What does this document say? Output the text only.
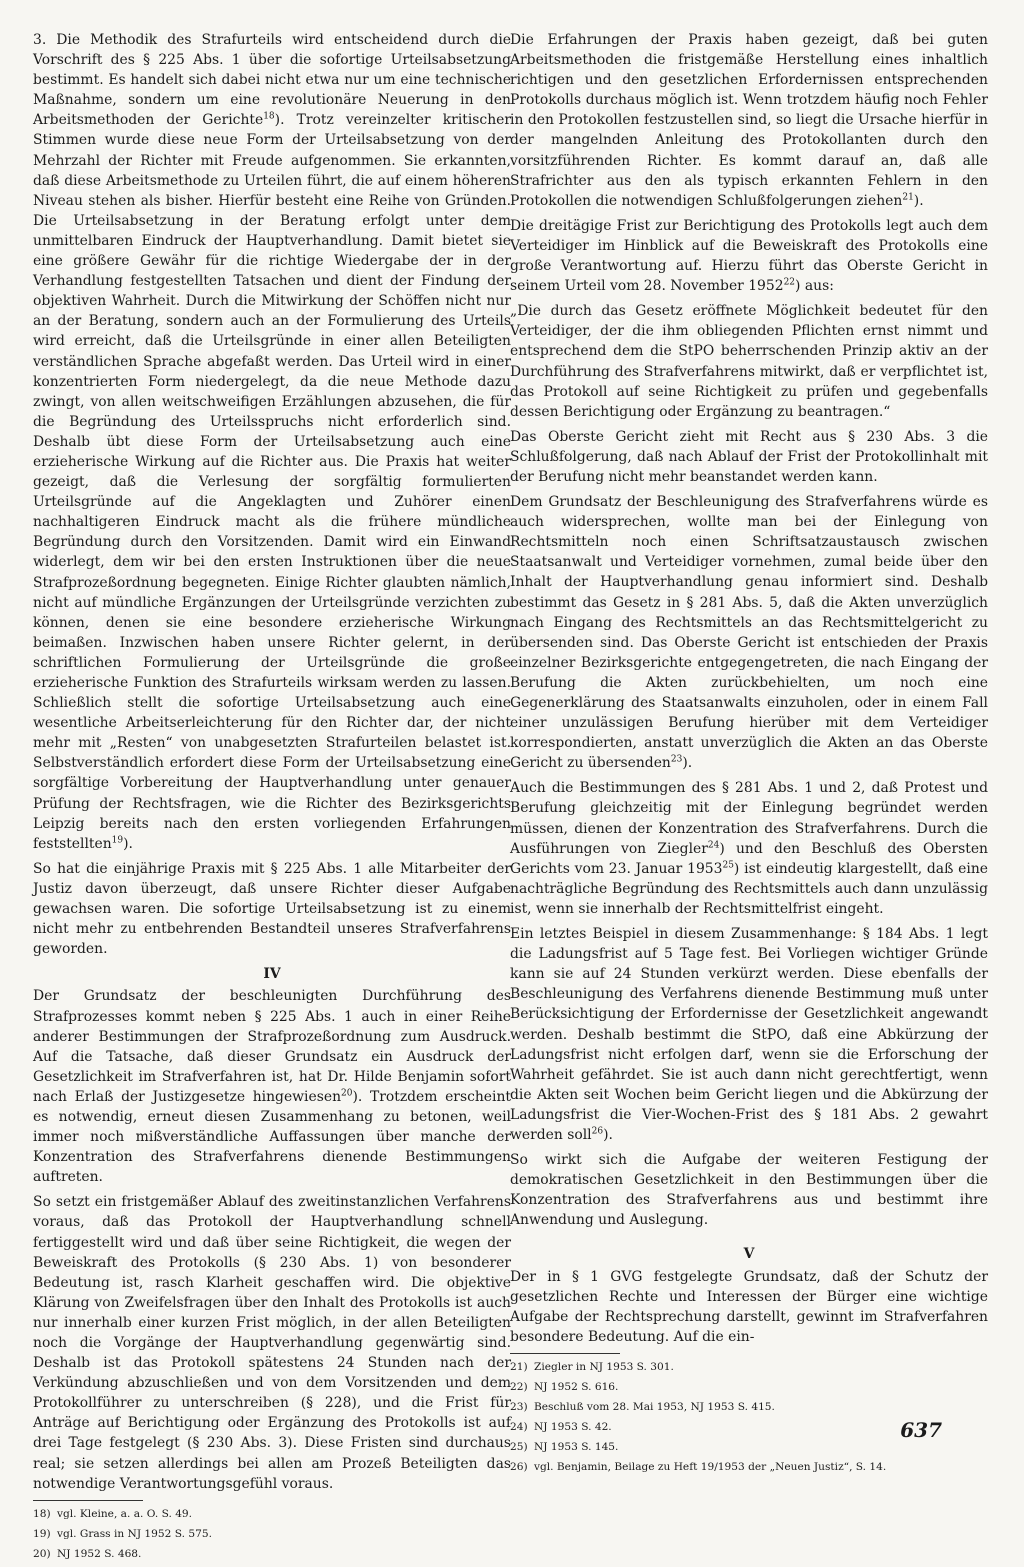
3. Die Methodik des Strafurteils wird entscheidend durch die Vorschrift des § 225 Abs. 1 über die sofortige Urteilsabsetzung bestimmt. Es handelt sich dabei nicht etwa nur um eine technische Maßnahme, sondern um eine revolutionäre Neuerung in den Arbeitsmethoden der Gerichte$^{18}$). Trotz vereinzelter kritischer Stimmen wurde diese neue Form der Urteilsabsetzung von der Mehrzahl der Richter mit Freude aufgenommen. Sie erkannten, daß diese Arbeitsmethode zu Urteilen führt, die auf einem höheren Niveau stehen als bisher. Hierfür besteht eine Reihe von Gründen. Die Urteilsabsetzung in der Beratung erfolgt unter dem unmittelbaren Eindruck der Hauptverhandlung. Damit bietet sie eine größere Gewähr für die richtige Wiedergabe der in der Verhandlung festgestellten Tatsachen und dient der Findung der objektiven Wahrheit. Durch die Mitwirkung der Schöffen nicht nur an der Beratung, sondern auch an der Formulierung des Urteils wird erreicht, daß die Urteilsgründe in einer allen Beteiligten verständlichen Sprache abgefaßt werden. Das Urteil wird in einer konzentrierten Form niedergelegt, da die neue Methode dazu zwingt, von allen weitschweifigen Erzählungen abzusehen, die für die Begründung des Urteilsspruchs nicht erforderlich sind. Deshalb übt diese Form der Urteilsabsetzung auch eine erzieherische Wirkung auf die Richter aus. Die Praxis hat weiter gezeigt, daß die Verlesung der sorgfältig formulierten Urteilsgründe auf die Angeklagten und Zuhörer einen nachhaltigeren Eindruck macht als die frühere mündliche Begründung durch den Vorsitzenden. Damit wird ein Einwand widerlegt, dem wir bei den ersten Instruktionen über die neue Strafprozeßordnung begegneten. Einige Richter glaubten nämlich, nicht auf mündliche Ergänzungen der Urteilsgründe verzichten zu können, denen sie eine besondere erzieherische Wirkung beimaßen. Inzwischen haben unsere Richter gelernt, in der schriftlichen Formulierung der Urteilsgründe die große erzieherische Funktion des Strafurteils wirksam werden zu lassen. Schließlich stellt die sofortige Urteilsabsetzung auch eine wesentliche Arbeitserleichterung für den Richter dar, der nicht mehr mit „Resten“ von unabgesetzten Strafurteilen belastet ist. Selbstverständlich erfordert diese Form der Urteilsabsetzung eine sorgfältige Vorbereitung der Hauptverhandlung unter genauer Prüfung der Rechtsfragen, wie die Richter des Bezirksgerichts Leipzig bereits nach den ersten vorliegenden Erfahrungen feststellten$^{19}$).

So hat die einjährige Praxis mit § 225 Abs. 1 alle Mitarbeiter der Justiz davon überzeugt, daß unsere Richter dieser Aufgabe gewachsen waren. Die sofortige Urteilsabsetzung ist zu einem nicht mehr zu entbehrenden Bestandteil unseres Strafverfahrens geworden.

IV

Der Grundsatz der beschleunigten Durchführung des Strafprozesses kommt neben § 225 Abs. 1 auch in einer Reihe anderer Bestimmungen der Strafprozeßordnung zum Ausdruck. Auf die Tatsache, daß dieser Grundsatz ein Ausdruck der Gesetzlichkeit im Strafverfahren ist, hat Dr. Hilde Benjamin sofort nach Erlaß der Justizgesetze hingewiesen$^{20}$). Trotzdem erscheint es notwendig, erneut diesen Zusammenhang zu betonen, weil immer noch mißverständliche Auffassungen über manche der Konzentration des Strafverfahrens dienende Bestimmungen auftreten.

So setzt ein fristgemäßer Ablauf des zweitinstanzlichen Verfahrens voraus, daß das Protokoll der Hauptverhandlung schnell fertiggestellt wird und daß über seine Richtigkeit, die wegen der Beweiskraft des Protokolls (§ 230 Abs. 1) von besonderer Bedeutung ist, rasch Klarheit geschaffen wird. Die objektive Klärung von Zweifelsfragen über den Inhalt des Protokolls ist auch nur innerhalb einer kurzen Frist möglich, in der allen Beteiligten noch die Vorgänge der Hauptverhandlung gegenwärtig sind. Deshalb ist das Protokoll spätestens 24 Stunden nach der Verkündung abzuschließen und von dem Vorsitzenden und dem Protokollführer zu unterschreiben (§ 228), und die Frist für Anträge auf Berichtigung oder Ergänzung des Protokolls ist auf drei Tage festgelegt (§ 230 Abs. 3). Diese Fristen sind durchaus real; sie setzen allerdings bei allen am Prozeß Beteiligten das notwendige Verantwortungsgefühl voraus.

18) vgl. Kleine, a. a. O. S. 49.

19) vgl. Grass in NJ 1952 S. 575.

20) NJ 1952 S. 468.

Die Erfahrungen der Praxis haben gezeigt, daß bei guten Arbeitsmethoden die fristgemäße Herstellung eines inhaltlich richtigen und den gesetzlichen Erfordernissen entsprechenden Protokolls durchaus möglich ist. Wenn trotzdem häufig noch Fehler in den Protokollen festzustellen sind, so liegt die Ursache hierfür in der mangelnden Anleitung des Protokollanten durch den vorsitzführenden Richter. Es kommt darauf an, daß alle Strafrichter aus den als typisch erkannten Fehlern in den Protokollen die notwendigen Schlußfolgerungen ziehen$^{21}$).

Die dreitägige Frist zur Berichtigung des Protokolls legt auch dem Verteidiger im Hinblick auf die Beweiskraft des Protokolls eine große Verantwortung auf. Hierzu führt das Oberste Gericht in seinem Urteil vom 28. November 1952$^{22}$) aus:

„Die durch das Gesetz eröffnete Möglichkeit bedeutet für den Verteidiger, der die ihm obliegenden Pflichten ernst nimmt und entsprechend dem die StPO beherrschenden Prinzip aktiv an der Durchführung des Strafverfahrens mitwirkt, daß er verpflichtet ist, das Protokoll auf seine Richtigkeit zu prüfen und gegebenfalls dessen Berichtigung oder Ergänzung zu beantragen.“

Das Oberste Gericht zieht mit Recht aus § 230 Abs. 3 die Schlußfolgerung, daß nach Ablauf der Frist der Protokollinhalt mit der Berufung nicht mehr beanstandet werden kann.

Dem Grundsatz der Beschleunigung des Strafverfahrens würde es auch widersprechen, wollte man bei der Einlegung von Rechtsmitteln noch einen Schriftsatzaustausch zwischen Staatsanwalt und Verteidiger vornehmen, zumal beide über den Inhalt der Hauptverhandlung genau informiert sind. Deshalb bestimmt das Gesetz in § 281 Abs. 5, daß die Akten unverzüglich nach Eingang des Rechtsmittels an das Rechtsmittelgericht zu übersenden sind. Das Oberste Gericht ist entschieden der Praxis einzelner Bezirksgerichte entgegengetreten, die nach Eingang der Berufung die Akten zurückbehielten, um noch eine Gegenerklärung des Staatsanwalts einzuholen, oder in einem Fall einer unzulässigen Berufung hierüber mit dem Verteidiger korrespondierten, anstatt unverzüglich die Akten an das Oberste Gericht zu übersenden$^{23}$).

Auch die Bestimmungen des § 281 Abs. 1 und 2, daß Protest und Berufung gleichzeitig mit der Einlegung begründet werden müssen, dienen der Konzentration des Strafverfahrens. Durch die Ausführungen von Ziegler$^{24}$) und den Beschluß des Obersten Gerichts vom 23. Januar 1953$^{25}$) ist eindeutig klargestellt, daß eine nachträgliche Begründung des Rechtsmittels auch dann unzulässig ist, wenn sie innerhalb der Rechtsmittelfrist eingeht.

Ein letztes Beispiel in diesem Zusammenhange: § 184 Abs. 1 legt die Ladungsfrist auf 5 Tage fest. Bei Vorliegen wichtiger Gründe kann sie auf 24 Stunden verkürzt werden. Diese ebenfalls der Beschleunigung des Verfahrens dienende Bestimmung muß unter Berücksichtigung der Erfordernisse der Gesetzlichkeit angewandt werden. Deshalb bestimmt die StPO, daß eine Abkürzung der Ladungsfrist nicht erfolgen darf, wenn sie die Erforschung der Wahrheit gefährdet. Sie ist auch dann nicht gerechtfertigt, wenn die Akten seit Wochen beim Gericht liegen und die Abkürzung der Ladungsfrist die Vier-Wochen-Frist des § 181 Abs. 2 gewahrt werden soll$^{26}$).

So wirkt sich die Aufgabe der weiteren Festigung der demokratischen Gesetzlichkeit in den Bestimmungen über die Konzentration des Strafverfahrens aus und bestimmt ihre Anwendung und Auslegung.

V

Der in § 1 GVG festgelegte Grundsatz, daß der Schutz der gesetzlichen Rechte und Interessen der Bürger eine wichtige Aufgabe der Rechtsprechung darstellt, gewinnt im Strafverfahren besondere Bedeutung. Auf die ein-

21) Ziegler in NJ 1953 S. 301.

22) NJ 1952 S. 616.

23) Beschluß vom 28. Mai 1953, NJ 1953 S. 415.

24) NJ 1953 S. 42.

25) NJ 1953 S. 145.

26) vgl. Benjamin, Beilage zu Heft 19/1953 der „Neuen Justiz“, S. 14.

637
